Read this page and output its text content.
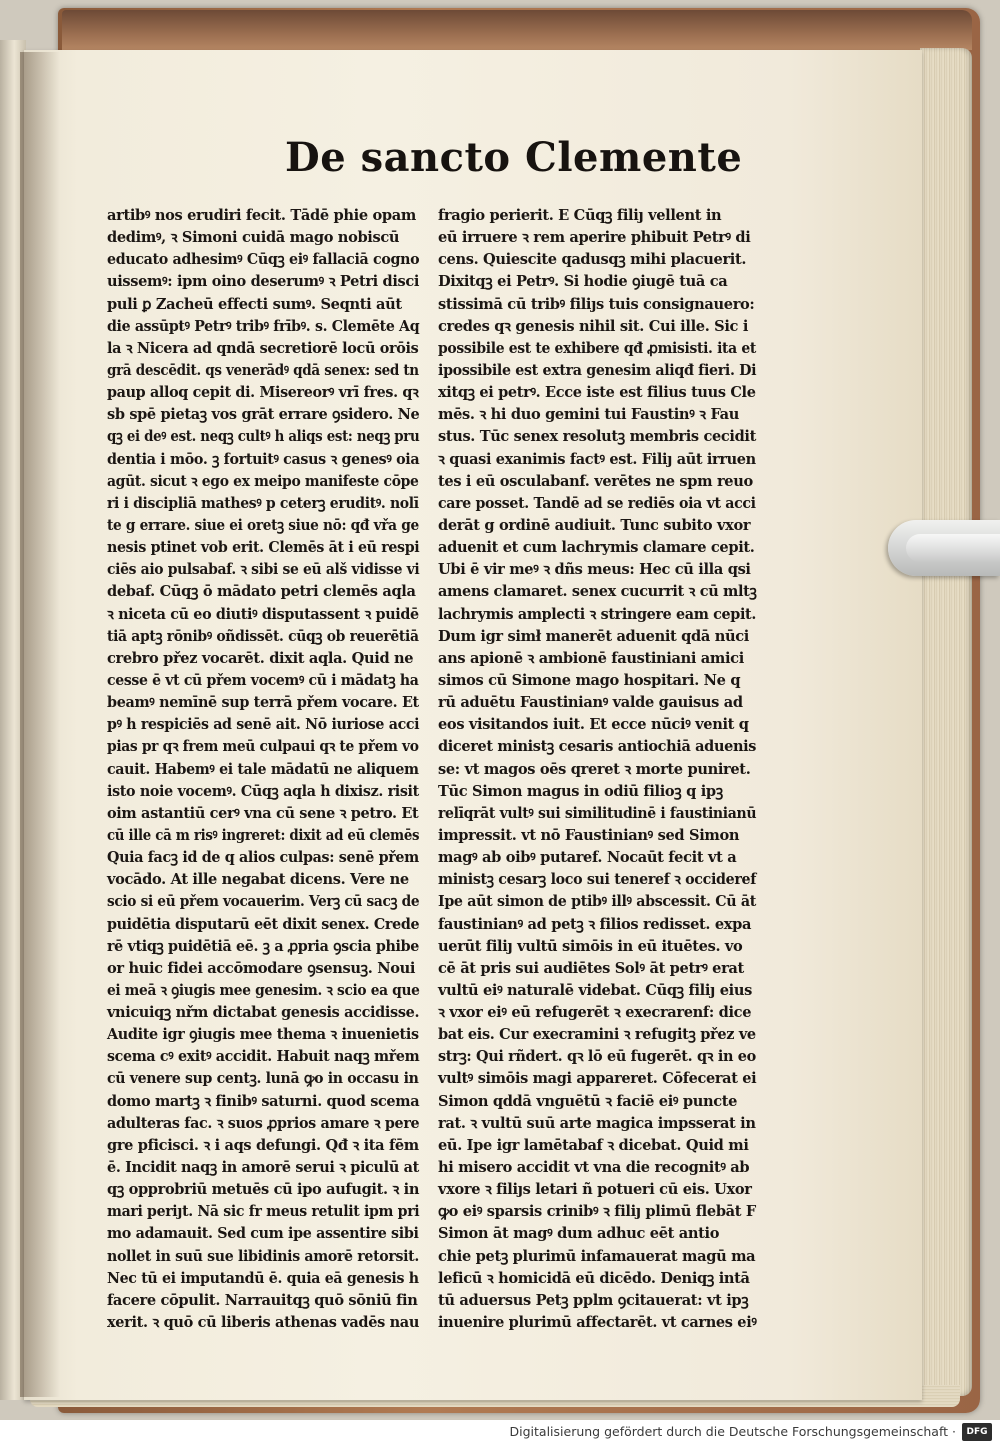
De sancto Clemente
artibꝰ nos erudiri fecit. Tādē phie opam
dedimꝰ, ꝛ Simoni cuidā mago nobiscū
educato adhesimꝰ Cūqꝫ eiꝰ fallaciā cogno
uissemꝰ: ipm oino deserumꝰ ꝛ Petri disci
puli ꝑ Zacheū effecti sumꝰ. Seqnti aūt
die assūptꝰ Petrꝰ tribꝰ frībꝰ. s. Clemēte Aq
la ꝛ Nicera ad qndā secretiorē locū orōis
grā descēdit. qs venerādꝰ qdā senex: sed tn
paup alloq cepit di. Misereorꝰ vrī fres. qꝛ
sb spē pietaꝫ vos grāt errare ꝯsidero. Ne
qꝫ ei deꝰ est. neqꝫ cultꝰ h aliqs est: neqꝫ pru
dentia i mōo. ꝫ fortuitꝰ casus ꝛ genesꝰ oia
agūt. sicut ꝛ ego ex meipo manifeste cōpe
ri i discipliā mathesꝰ p ceterꝫ eruditꝰ. nolī
te g errare. siue ei oretꝫ siue nō: qđ vřa ge
nesis ptinet vob erit. Clemēs āt i eū respi
ciēs aio pulsabaf. ꝛ sibi se eū alš vidisse vi
debaf. Cūqꝫ ō mādato petri clemēs aqla
ꝛ niceta cū eo diutiꝰ disputassent ꝛ puidē
tiā aptꝫ rōnibꝰ oñdissēt. cūqꝫ ob reuerētiā
crebro přez vocarēt. dixit aqla. Quid ne
cesse ē vt cū přem vocemꝰ cū i mādatꝫ ha
beamꝰ nemīnē sup terrā přem vocare. Et
pꝰ h respiciēs ad senē ait. Nō iuriose acci
pias pr qꝛ frem meū culpaui qꝛ te přem vo
cauit. Habemꝰ ei tale mādatū ne aliquem
isto noie vocemꝰ. Cūqꝫ aqla h dixisz. risit
oim astantiū cerꝰ vna cū sene ꝛ petro. Et
cū ille cā m risꝰ ingreret: dixit ad eū clemēs
Quia facꝫ id de q alios culpas: senē přem
vocādo. At ille negabat dicens. Vere ne
scio si eū přem vocauerim. Verꝫ cū sacꝫ de
puidētia disputarū eēt dixit senex. Crede
rē vtiqꝫ puidētiā eē. ꝫ a ꝓpria ꝯscia phibe
or huic fidei accōmodare ꝯsensuꝫ. Noui
ei meā ꝛ ꝯiugis mee genesim. ꝛ scio ea que
vnicuiqꝫ nřm dictabat genesis accidisse.
Audite igr ꝯiugis mee thema ꝛ inuenietis
scema cꝰ exitꝰ accidit. Habuit naqꝫ mřem
cū venere sup centꝫ. lunā ꝙo in occasu in
domo martꝫ ꝛ finibꝰ saturni. quod scema
adulteras fac. ꝛ suos ꝓprios amare ꝛ pere
gre pficisci. ꝛ i aqs defungi. Qđ ꝛ ita fēm
ē. Incidit naqꝫ in amorē serui ꝛ piculū at
qꝫ opprobriū metuēs cū ipo aufugit. ꝛ in
mari periȷt. Nā sic fr meus retulit ipm pri
mo adamauit. Sed cum ipe assentire sibi
nollet in suū sue libidinis amorē retorsit.
Nec tū ei imputandū ē. quia eā genesis h
facere cōpulit. Narrauitqꝫ quō sōniū fin
xerit. ꝛ quō cū liberis athenas vadēs nau
fragio perierit. E Cūqꝫ filiȷ vellent in
eū irruere ꝛ rem aperire phibuit Petrꝰ di
cens. Quiescite qadusqꝫ mihi placuerit.
Dixitqꝫ ei Petrꝰ. Si hodie ꝯiugē tuā ca
stissimā cū tribꝰ filiȷs tuis consignauero:
credes qꝛ genesis nihil sit. Cui ille. Sic i
possibile est te exhibere qđ ꝓmisisti. ita et
ipossibile est extra genesim aliqđ fieri. Di
xitqꝫ ei petrꝰ. Ecce iste est filius tuus Cle
mēs. ꝛ hi duo gemini tui Faustinꝰ ꝛ Fau
stus. Tūc senex resolutꝫ membris cecidit
ꝛ quasi exanimis factꝰ est. Filiȷ aūt irruen
tes i eū osculabanf. verētes ne spm reuo
care posset. Tandē ad se rediēs oia vt acci
derāt g ordinē audiuit. Tunc subito vxor
aduenit et cum lachrymis clamare cepit.
Ubi ē vir meꝰ ꝛ dñs meus: Hec cū illa qsi
amens clamaret. senex cucurrit ꝛ cū mltꝫ
lachrymis amplecti ꝛ stringere eam cepit.
Dum igr simł manerēt aduenit qdā nūci
ans apionē ꝛ ambionē faustiniani amici
simos cū Simone mago hospitari. Ne q
rū aduētu Faustinianꝰ valde gauisus ad
eos visitandos iuit. Et ecce nūciꝰ venit q
diceret ministꝫ cesaris antiochiā aduenis
se: vt magos oēs qreret ꝛ morte puniret.
Tūc Simon magus in odiū filioꝫ q ipꝫ
relīqrāt vultꝰ sui similitudinē i faustinianū
impressit. vt nō Faustinianꝰ sed Simon
magꝰ ab oibꝰ putaref. Nocaūt fecit vt a
ministꝫ cesarꝫ loco sui teneref ꝛ occideref
Ipe aūt simon de ptibꝰ illꝰ abscessit. Cū āt
faustinianꝰ ad petꝫ ꝛ filios redisset. expa
uerūt filiȷ vultū simōis in eū ituētes. vo
cē āt pris sui audiētes Solꝰ āt petrꝰ erat
vultū eiꝰ naturalē videbat. Cūqꝫ filiȷ eius
ꝛ vxor eiꝰ eū refugerēt ꝛ execrarenf: dice
bat eis. Cur execramini ꝛ refugitꝫ přez ve
strꝫ: Qui rñdert. qꝛ lō eū fugerēt. qꝛ in eo
vultꝰ simōis magi appareret. Cōfecerat ei
Simon qddā vnguētū ꝛ faciē eiꝰ puncte
rat. ꝛ vultū suū arte magica impsserat in
eū. Ipe igr lamētabaf ꝛ dicebat. Quid mi
hi misero accidit vt vna die recognitꝰ ab
vxore ꝛ filiȷs letari ñ potueri cū eis. Uxor
ꝙo eiꝰ sparsis crinibꝰ ꝛ filiȷ plimū flebāt F
Simon āt magꝰ dum adhuc eēt antio
chie petꝫ plurimū infamauerat magū ma
leficū ꝛ homicidā eū dicēdo. Deniqꝫ intā
tū aduersus Petꝫ pplm ꝯcitauerat: vt ipꝫ
inuenire plurimū affectarēt. vt carnes eiꝰ
Digitalisierung gefördert durch die Deutsche Forschungsgemeinschaft ·	DFG
